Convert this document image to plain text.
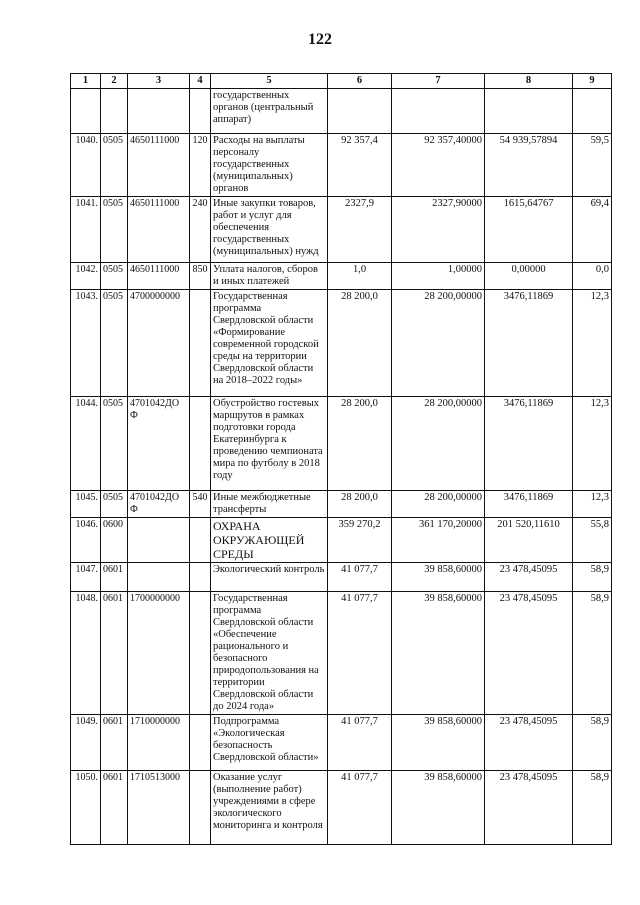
122
1	2	3	4	5	6	7	8	9
				государственных органов (центральный аппарат)				
1040.	0505	4650111000	120	Расходы на выплаты персоналу государственных (муниципальных) органов	92 357,4	92 357,40000	54 939,57894	59,5
1041.	0505	4650111000	240	Иные закупки товаров, работ и услуг для обеспечения государственных (муниципальных) нужд	2327,9	2327,90000	1615,64767	69,4
1042.	0505	4650111000	850	Уплата налогов, сборов и иных платежей	1,0	1,00000	0,00000	0,0
1043.	0505	4700000000		Государственная программа Свердловской области «Формирование современной городской среды на территории Свердловской области на 2018–2022 годы»	28 200,0	28 200,00000	3476,11869	12,3
1044.	0505	4701042ДОФ		Обустройство гостевых маршрутов в рамках подготовки города Екатеринбурга к проведению чемпионата мира по футболу в 2018 году	28 200,0	28 200,00000	3476,11869	12,3
1045.	0505	4701042ДОФ	540	Иные межбюджетные трансферты	28 200,0	28 200,00000	3476,11869	12,3
1046.	0600			ОХРАНА ОКРУЖАЮЩЕЙ СРЕДЫ	359 270,2	361 170,20000	201 520,11610	55,8
1047.	0601			Экологический контроль	41 077,7	39 858,60000	23 478,45095	58,9
1048.	0601	1700000000		Государственная программа Свердловской области «Обеспечение рационального и безопасного природопользования на территории Свердловской области до 2024 года»	41 077,7	39 858,60000	23 478,45095	58,9
1049.	0601	1710000000		Подпрограмма «Экологическая безопасность Свердловской области»	41 077,7	39 858,60000	23 478,45095	58,9
1050.	0601	1710513000		Оказание услуг (выполнение работ) учреждениями в сфере экологического мониторинга и контроля	41 077,7	39 858,60000	23 478,45095	58,9
